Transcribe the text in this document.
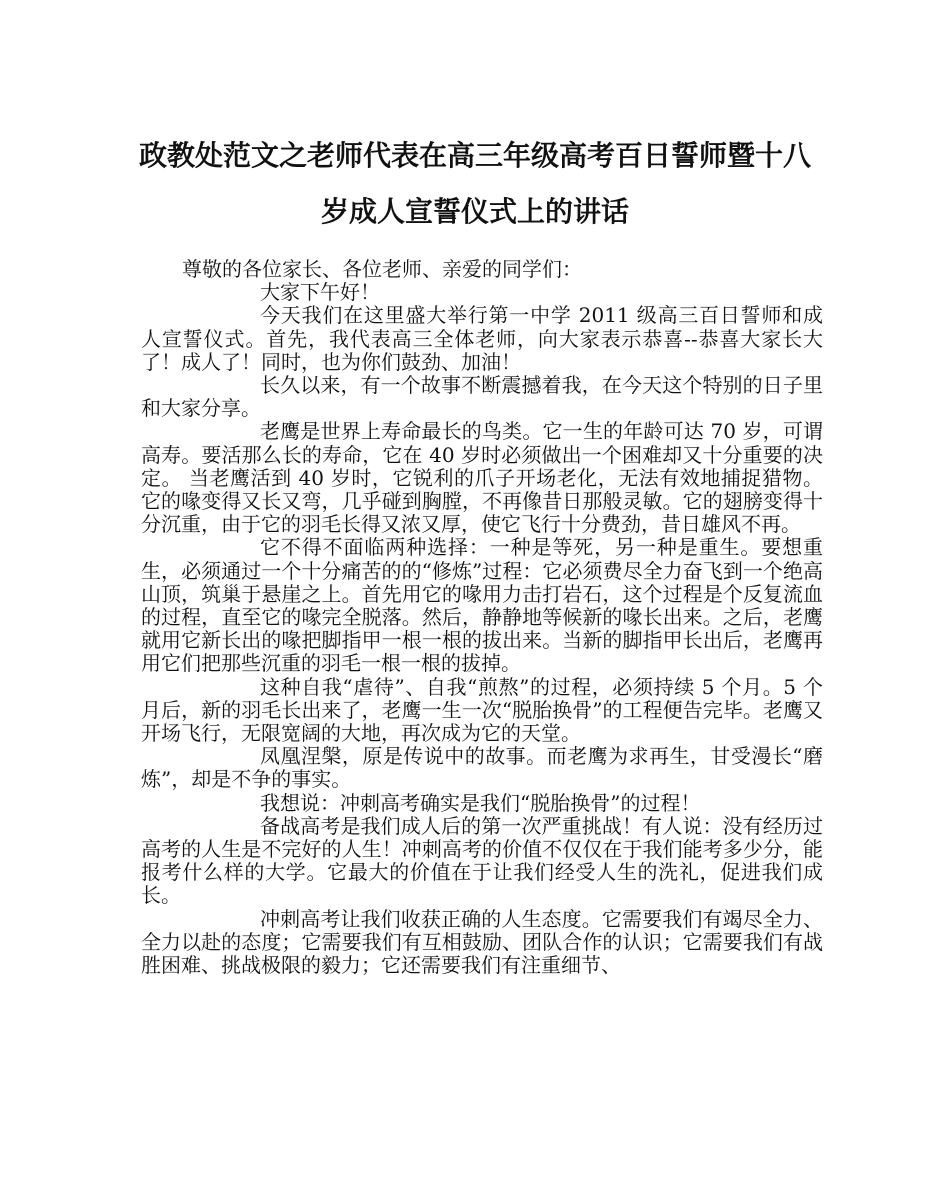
政教处范文之老师代表在高三年级高考百日誓师暨十八岁成人宣誓仪式上的讲话

尊敬的各位家长、各位老师、亲爱的同学们：

大家下午好！

今天我们在这里盛大举行第一中学 2011 级高三百日誓师和成人宣誓仪式。首先，我代表高三全体老师，向大家表示恭喜--恭喜大家长大了！成人了！同时，也为你们鼓劲、加油！

长久以来，有一个故事不断震撼着我，在今天这个特别的日子里和大家分享。

老鹰是世界上寿命最长的鸟类。它一生的年龄可达 70 岁，可谓高寿。要活那么长的寿命，它在 40 岁时必须做出一个困难却又十分重要的决定。 当老鹰活到 40 岁时，它锐利的爪子开场老化，无法有效地捕捉猎物。它的喙变得又长又弯，几乎碰到胸膛，不再像昔日那般灵敏。它的翅膀变得十分沉重，由于它的羽毛长得又浓又厚，使它飞行十分费劲，昔日雄风不再。

它不得不面临两种选择：一种是等死，另一种是重生。要想重生，必须通过一个十分痛苦的的“修炼”过程：它必须费尽全力奋飞到一个绝高山顶，筑巢于悬崖之上。首先用它的喙用力击打岩石，这个过程是个反复流血的过程，直至它的喙完全脱落。然后，静静地等候新的喙长出来。之后，老鹰就用它新长出的喙把脚指甲一根一根的拔出来。当新的脚指甲长出后，老鹰再用它们把那些沉重的羽毛一根一根的拔掉。

这种自我“虐待”、自我“煎熬”的过程，必须持续 5 个月。5 个月后，新的羽毛长出来了，老鹰一生一次“脱胎换骨”的工程便告完毕。老鹰又开场飞行，无限宽阔的大地，再次成为它的天堂。

凤凰涅槃，原是传说中的故事。而老鹰为求再生，甘受漫长“磨炼”，却是不争的事实。

我想说：冲刺高考确实是我们“脱胎换骨”的过程！

备战高考是我们成人后的第一次严重挑战！有人说：没有经历过高考的人生是不完好的人生！冲刺高考的价值不仅仅在于我们能考多少分，能报考什么样的大学。它最大的价值在于让我们经受人生的洗礼，促进我们成长。

冲刺高考让我们收获正确的人生态度。它需要我们有竭尽全力、全力以赴的态度；它需要我们有互相鼓励、团队合作的认识；它需要我们有战胜困难、挑战极限的毅力；它还需要我们有注重细节、
